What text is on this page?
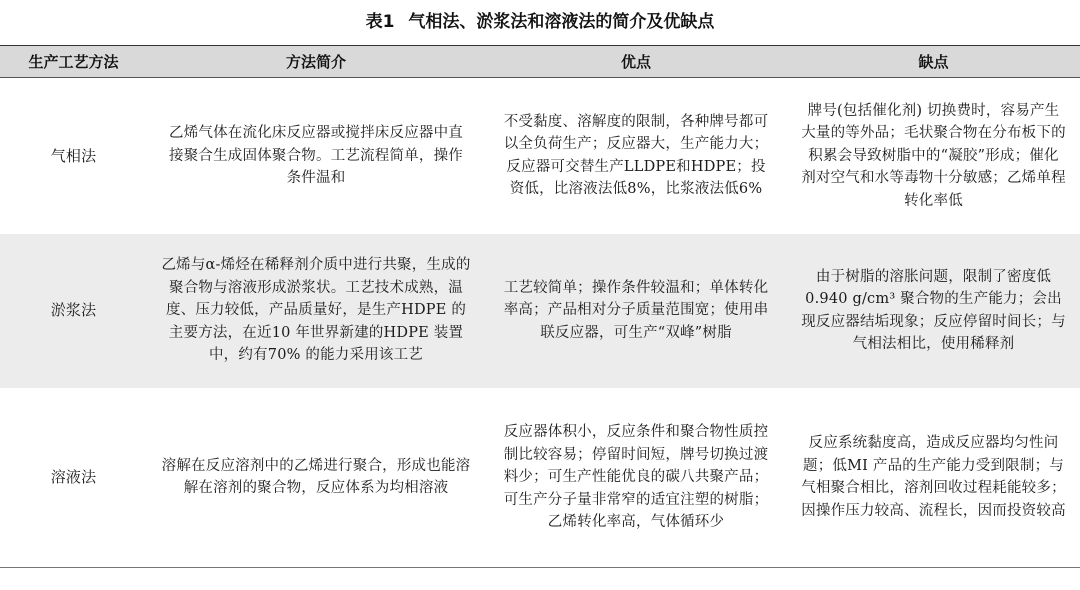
表1 气相法、淤浆法和溶液法的简介及优缺点
生产工艺方法	方法简介	优点	缺点
气相法	乙烯气体在流化床反应器或搅拌床反应器中直接聚合生成固体聚合物。工艺流程简单，操作条件温和	不受黏度、溶解度的限制，各种牌号都可以全负荷生产；反应器大，生产能力大；反应器可交替生产LLDPE和HDPE；投资低，比溶液法低8%，比浆液法低6%	牌号(包括催化剂) 切换费时，容易产生大量的等外品；毛状聚合物在分布板下的积累会导致树脂中的“凝胶”形成；催化剂对空气和水等毒物十分敏感；乙烯单程转化率低
淤浆法	乙烯与α-烯烃在稀释剂介质中进行共聚，生成的聚合物与溶液形成淤浆状。工艺技术成熟，温度、压力较低，产品质量好，是生产HDPE 的主要方法，在近10 年世界新建的HDPE 装置中，约有70% 的能力采用该工艺	工艺较简单；操作条件较温和；单体转化率高；产品相对分子质量范围宽；使用串联反应器，可生产“双峰”树脂	由于树脂的溶胀问题，限制了密度低0.940 g/cm³ 聚合物的生产能力；会出现反应器结垢现象；反应停留时间长；与气相法相比，使用稀释剂
溶液法	溶解在反应溶剂中的乙烯进行聚合，形成也能溶解在溶剂的聚合物，反应体系为均相溶液	反应器体积小，反应条件和聚合物性质控制比较容易；停留时间短，牌号切换过渡料少；可生产性能优良的碳八共聚产品；可生产分子量非常窄的适宜注塑的树脂；乙烯转化率高，气体循环少	反应系统黏度高，造成反应器均匀性问题；低MI 产品的生产能力受到限制；与气相聚合相比，溶剂回收过程耗能较多；因操作压力较高、流程长，因而投资较高
